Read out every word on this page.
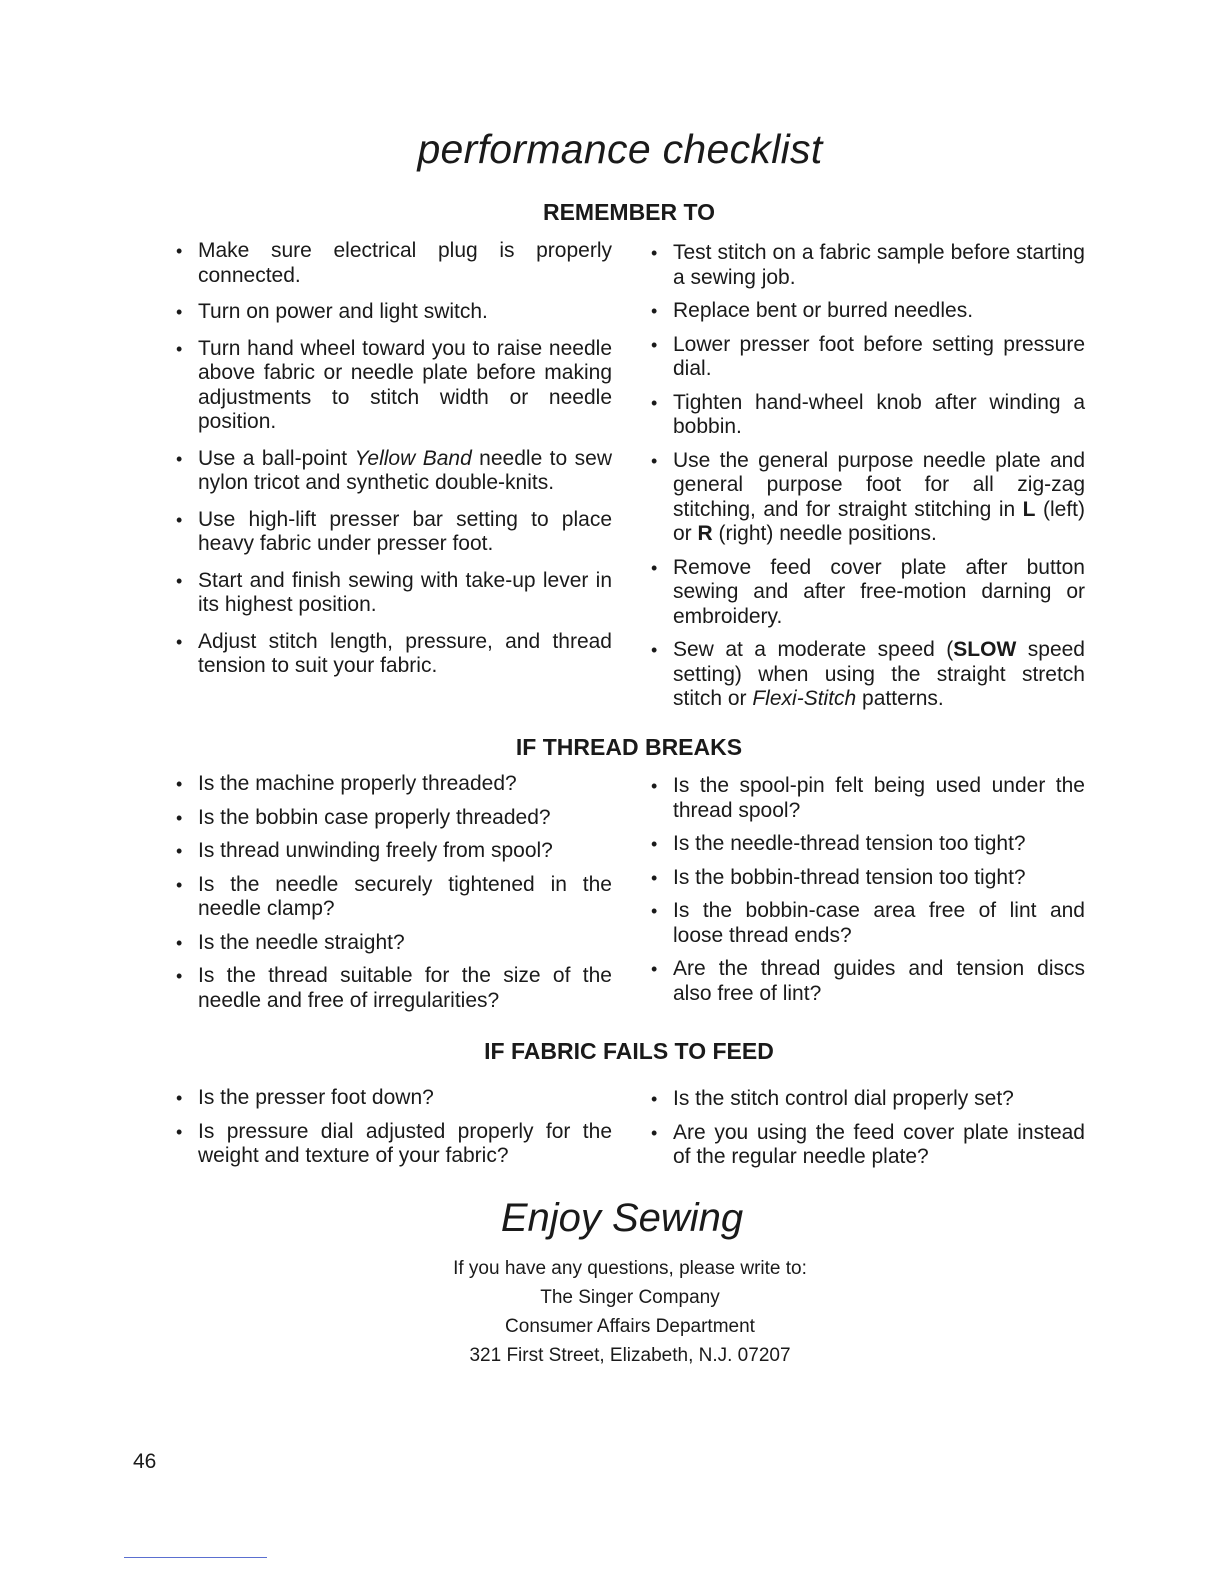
performance checklist
REMEMBER TO
• Make sure electrical plug is properly connected.
• Turn on power and light switch.
• Turn hand wheel toward you to raise needle above fabric or needle plate before making adjustments to stitch width or needle position.
• Use a ball-point Yellow Band needle to sew nylon tricot and synthetic double-knits.
• Use high-lift presser bar setting to place heavy fabric under presser foot.
• Start and finish sewing with take-up lever in its highest position.
• Adjust stitch length, pressure, and thread tension to suit your fabric.
• Test stitch on a fabric sample before starting a sewing job.
• Replace bent or burred needles.
• Lower presser foot before setting pressure dial.
• Tighten hand-wheel knob after winding a bobbin.
• Use the general purpose needle plate and general purpose foot for all zig-zag stitching, and for straight stitching in L (left) or R (right) needle positions.
• Remove feed cover plate after button sewing and after free-motion darning or embroidery.
• Sew at a moderate speed (SLOW speed setting) when using the straight stretch stitch or Flexi-Stitch patterns.
IF THREAD BREAKS
• Is the machine properly threaded?
• Is the bobbin case properly threaded?
• Is thread unwinding freely from spool?
• Is the needle securely tightened in the needle clamp?
• Is the needle straight?
• Is the thread suitable for the size of the needle and free of irregularities?
• Is the spool-pin felt being used under the thread spool?
• Is the needle-thread tension too tight?
• Is the bobbin-thread tension too tight?
• Is the bobbin-case area free of lint and loose thread ends?
• Are the thread guides and tension discs also free of lint?
IF FABRIC FAILS TO FEED
• Is the presser foot down?
• Is pressure dial adjusted properly for the weight and texture of your fabric?
• Is the stitch control dial properly set?
• Are you using the feed cover plate instead of the regular needle plate?
Enjoy Sewing
If you have any questions, please write to:
The Singer Company
Consumer Affairs Department
321 First Street, Elizabeth, N.J. 07207
46
